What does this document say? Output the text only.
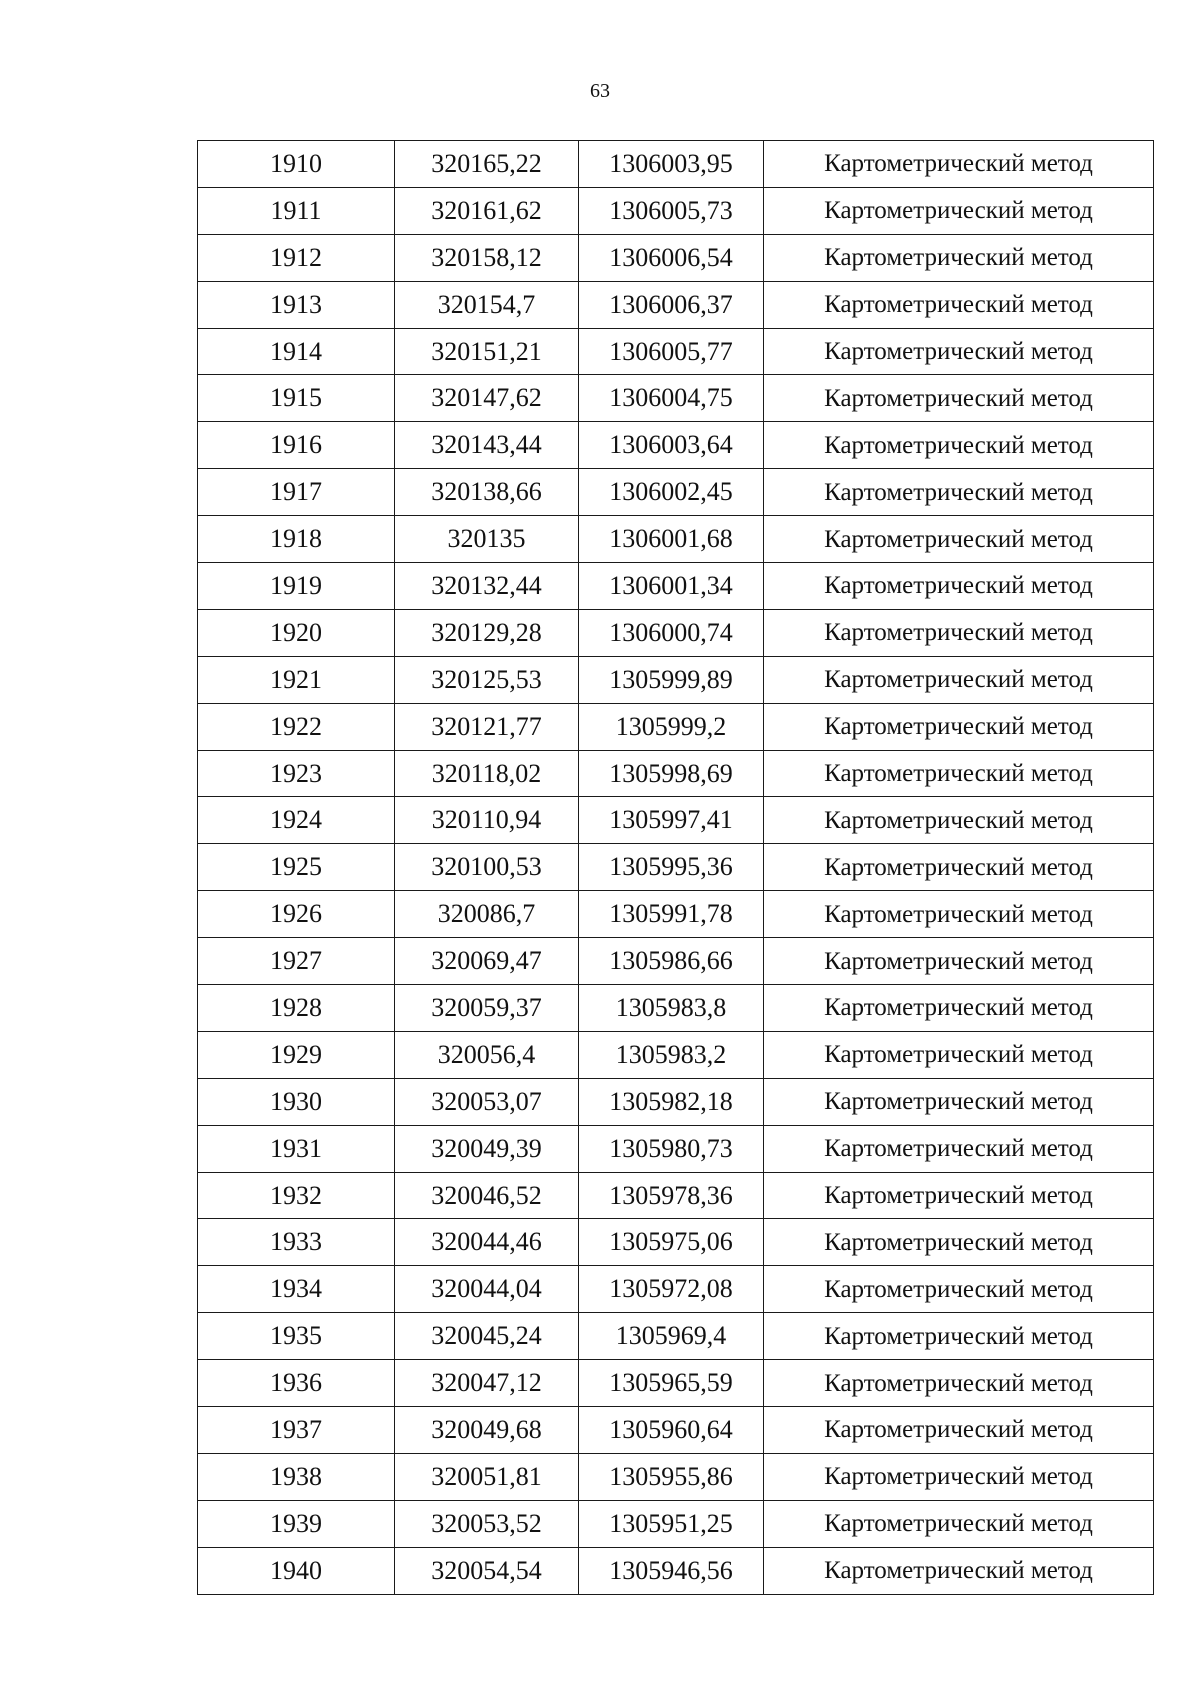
63
1910	320165,22	1306003,95	Картометрический метод
1911	320161,62	1306005,73	Картометрический метод
1912	320158,12	1306006,54	Картометрический метод
1913	320154,7	1306006,37	Картометрический метод
1914	320151,21	1306005,77	Картометрический метод
1915	320147,62	1306004,75	Картометрический метод
1916	320143,44	1306003,64	Картометрический метод
1917	320138,66	1306002,45	Картометрический метод
1918	320135	1306001,68	Картометрический метод
1919	320132,44	1306001,34	Картометрический метод
1920	320129,28	1306000,74	Картометрический метод
1921	320125,53	1305999,89	Картометрический метод
1922	320121,77	1305999,2	Картометрический метод
1923	320118,02	1305998,69	Картометрический метод
1924	320110,94	1305997,41	Картометрический метод
1925	320100,53	1305995,36	Картометрический метод
1926	320086,7	1305991,78	Картометрический метод
1927	320069,47	1305986,66	Картометрический метод
1928	320059,37	1305983,8	Картометрический метод
1929	320056,4	1305983,2	Картометрический метод
1930	320053,07	1305982,18	Картометрический метод
1931	320049,39	1305980,73	Картометрический метод
1932	320046,52	1305978,36	Картометрический метод
1933	320044,46	1305975,06	Картометрический метод
1934	320044,04	1305972,08	Картометрический метод
1935	320045,24	1305969,4	Картометрический метод
1936	320047,12	1305965,59	Картометрический метод
1937	320049,68	1305960,64	Картометрический метод
1938	320051,81	1305955,86	Картометрический метод
1939	320053,52	1305951,25	Картометрический метод
1940	320054,54	1305946,56	Картометрический метод
